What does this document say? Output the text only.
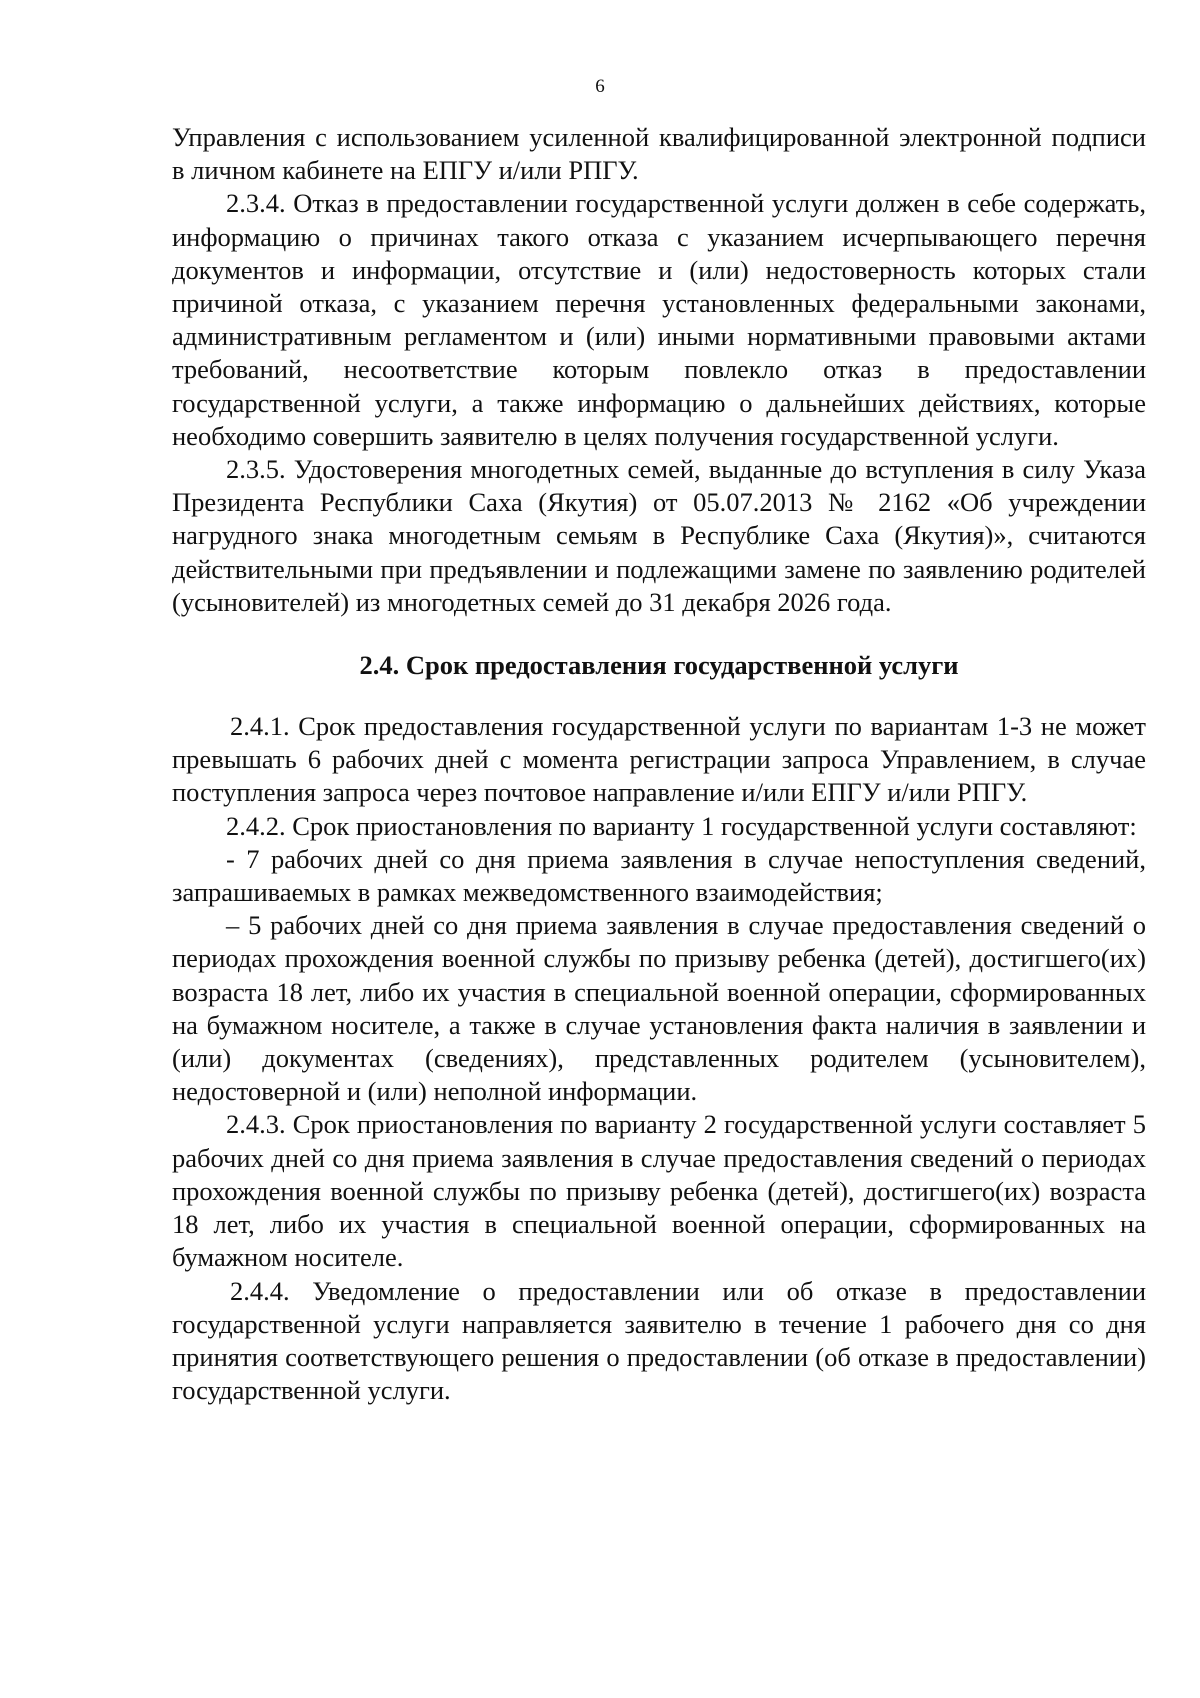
6

Управления с использованием усиленной квалифицированной электронной подписи в личном кабинете на ЕПГУ и/или РПГУ.

2.3.4. Отказ в предоставлении государственной услуги должен в себе содержать, информацию о причинах такого отказа с указанием исчерпывающего перечня документов и информации, отсутствие и (или) недостоверность которых стали причиной отказа, с указанием перечня установленных федеральными законами, административным регламентом и (или) иными нормативными правовыми актами требований, несоответствие которым повлекло отказ в предоставлении государственной услуги, а также информацию о дальнейших действиях, которые необходимо совершить заявителю в целях получения государственной услуги.

2.3.5. Удостоверения многодетных семей, выданные до вступления в силу Указа Президента Республики Саха (Якутия) от 05.07.2013 № 2162 «Об учреждении нагрудного знака многодетным семьям в Республике Саха (Якутия)», считаются действительными при предъявлении и подлежащими замене по заявлению родителей (усыновителей) из многодетных семей до 31 декабря 2026 года.

2.4. Срок предоставления государственной услуги

2.4.1. Срок предоставления государственной услуги по вариантам 1-3 не может превышать 6 рабочих дней с момента регистрации запроса Управлением, в случае поступления запроса через почтовое направление и/или ЕПГУ и/или РПГУ.

2.4.2. Срок приостановления по варианту 1 государственной услуги составляют:

- 7 рабочих дней со дня приема заявления в случае непоступления сведений, запрашиваемых в рамках межведомственного взаимодействия;

– 5 рабочих дней со дня приема заявления в случае предоставления сведений о периодах прохождения военной службы по призыву ребенка (детей), достигшего(их) возраста 18 лет, либо их участия в специальной военной операции, сформированных на бумажном носителе, а также в случае установления факта наличия в заявлении и (или) документах (сведениях), представленных родителем (усыновителем), недостоверной и (или) неполной информации.

2.4.3. Срок приостановления по варианту 2 государственной услуги составляет 5 рабочих дней со дня приема заявления в случае предоставления сведений о периодах прохождения военной службы по призыву ребенка (детей), достигшего(их) возраста 18 лет, либо их участия в специальной военной операции, сформированных на бумажном носителе.

2.4.4. Уведомление о предоставлении или об отказе в предоставлении государственной услуги направляется заявителю в течение 1 рабочего дня со дня принятия соответствующего решения о предоставлении (об отказе в предоставлении) государственной услуги.
